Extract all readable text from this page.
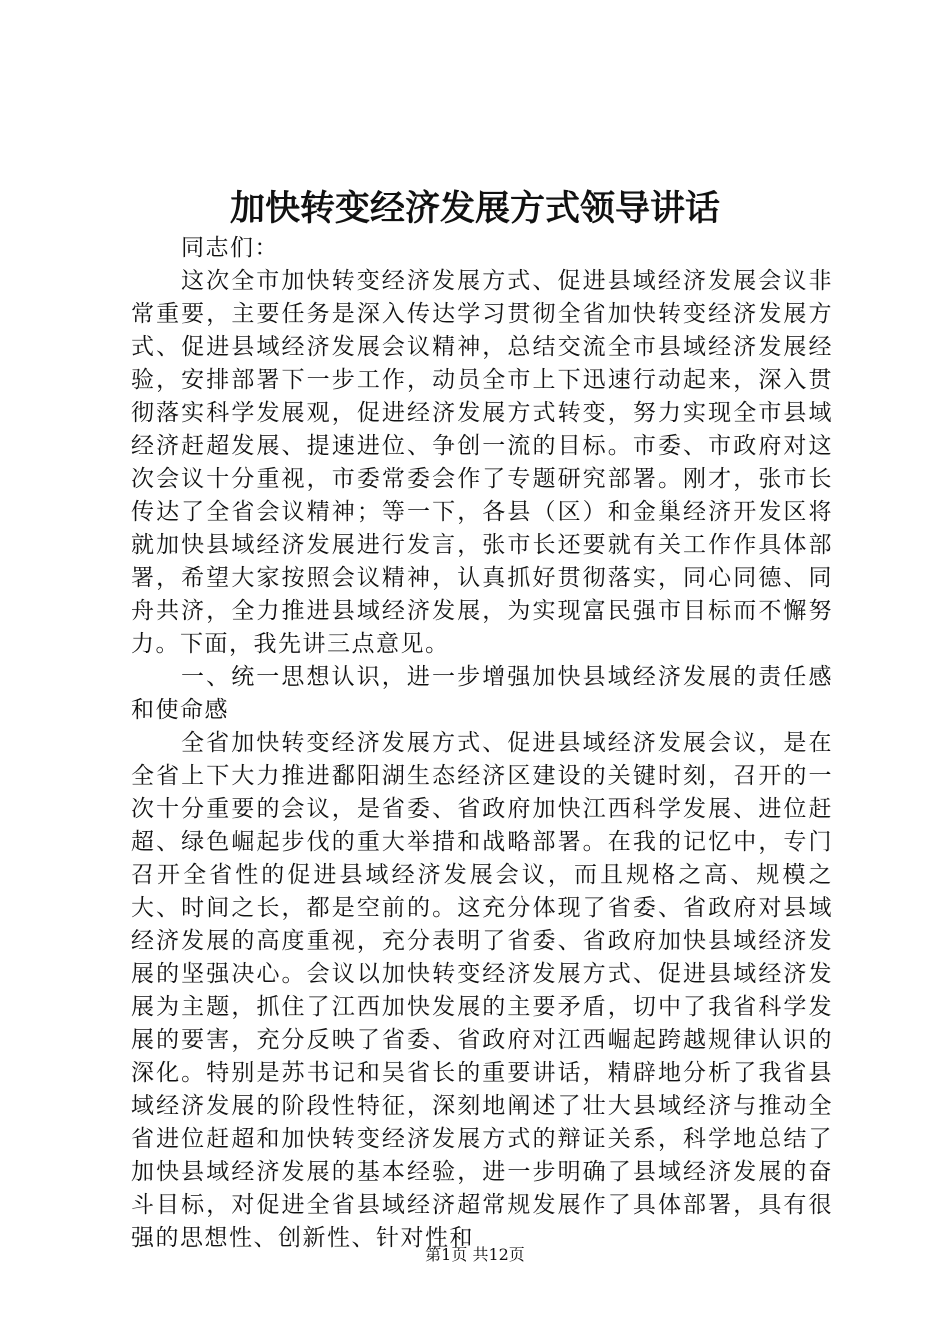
加快转变经济发展方式领导讲话

同志们：

这次全市加快转变经济发展方式、促进县域经济发展会议非常重要，主要任务是深入传达学习贯彻全省加快转变经济发展方式、促进县域经济发展会议精神，总结交流全市县域经济发展经验，安排部署下一步工作，动员全市上下迅速行动起来，深入贯彻落实科学发展观，促进经济发展方式转变，努力实现全市县域经济赶超发展、提速进位、争创一流的目标。市委、市政府对这次会议十分重视，市委常委会作了专题研究部署。刚才，张市长传达了全省会议精神；等一下，各县（区）和金巢经济开发区将就加快县域经济发展进行发言，张市长还要就有关工作作具体部署，希望大家按照会议精神，认真抓好贯彻落实，同心同德、同舟共济，全力推进县域经济发展，为实现富民强市目标而不懈努力。下面，我先讲三点意见。

一、统一思想认识，进一步增强加快县域经济发展的责任感和使命感

全省加快转变经济发展方式、促进县域经济发展会议，是在全省上下大力推进鄱阳湖生态经济区建设的关键时刻，召开的一次十分重要的会议，是省委、省政府加快江西科学发展、进位赶超、绿色崛起步伐的重大举措和战略部署。在我的记忆中，专门召开全省性的促进县域经济发展会议，而且规格之高、规模之大、时间之长，都是空前的。这充分体现了省委、省政府对县域经济发展的高度重视，充分表明了省委、省政府加快县域经济发展的坚强决心。会议以加快转变经济发展方式、促进县域经济发展为主题，抓住了江西加快发展的主要矛盾，切中了我省科学发展的要害，充分反映了省委、省政府对江西崛起跨越规律认识的深化。特别是苏书记和吴省长的重要讲话，精辟地分析了我省县域经济发展的阶段性特征，深刻地阐述了壮大县域经济与推动全省进位赶超和加快转变经济发展方式的辩证关系，科学地总结了加快县域经济发展的基本经验，进一步明确了县域经济发展的奋斗目标，对促进全省县域经济超常规发展作了具体部署，具有很强的思想性、创新性、针对性和

第1页 共12页
